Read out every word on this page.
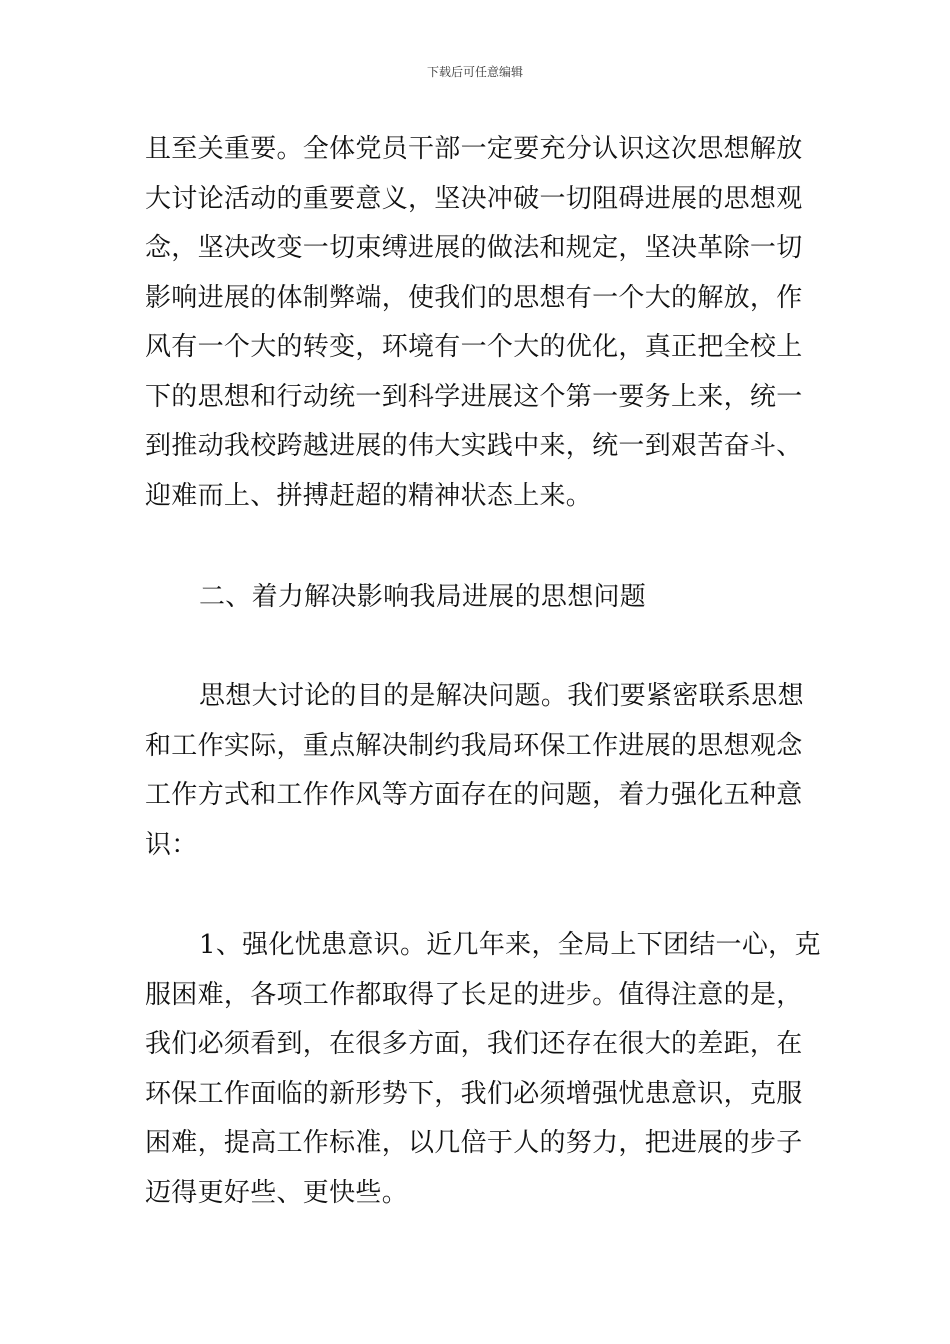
下载后可任意编辑
且至关重要。全体党员干部一定要充分认识这次思想解放
大讨论活动的重要意义，坚决冲破一切阻碍进展的思想观
念，坚决改变一切束缚进展的做法和规定，坚决革除一切
影响进展的体制弊端，使我们的思想有一个大的解放，作
风有一个大的转变，环境有一个大的优化，真正把全校上
下的思想和行动统一到科学进展这个第一要务上来，统一
到推动我校跨越进展的伟大实践中来，统一到艰苦奋斗、
迎难而上、拼搏赶超的精神状态上来。
二、着力解决影响我局进展的思想问题
思想大讨论的目的是解决问题。我们要紧密联系思想
和工作实际，重点解决制约我局环保工作进展的思想观念
工作方式和工作作风等方面存在的问题，着力强化五种意
识：
1、强化忧患意识。近几年来，全局上下团结一心，克
服困难，各项工作都取得了长足的进步。值得注意的是，
我们必须看到，在很多方面，我们还存在很大的差距，在
环保工作面临的新形势下，我们必须增强忧患意识，克服
困难，提高工作标准，以几倍于人的努力，把进展的步子
迈得更好些、更快些。
